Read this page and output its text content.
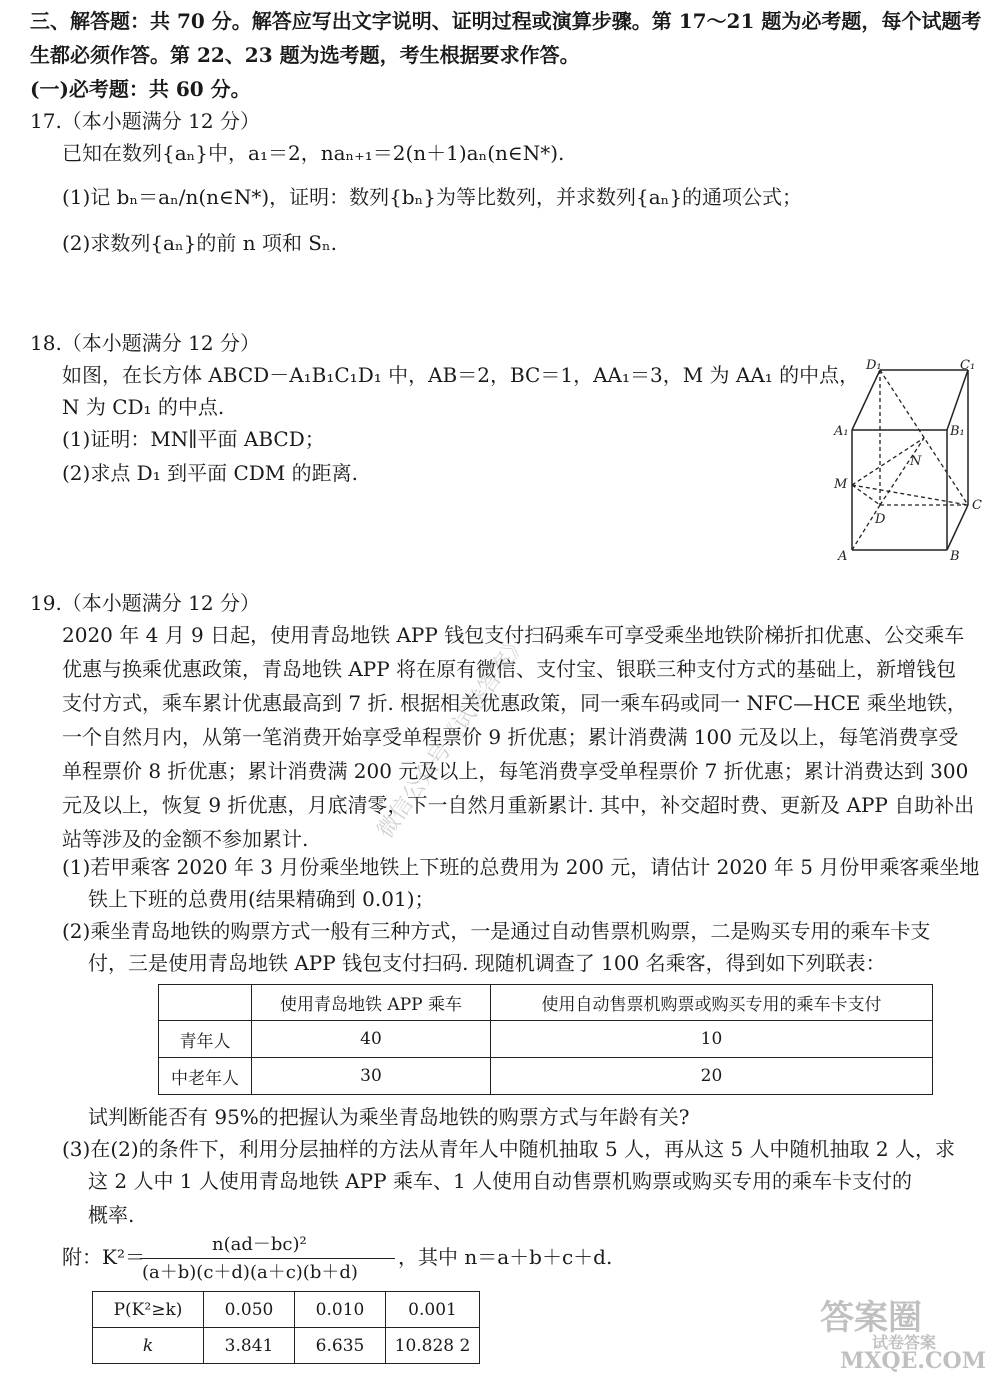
三、解答题：共 70 分。解答应写出文字说明、证明过程或演算步骤。第 17～21 题为必考题，每个试题考
生都必须作答。第 22、23 题为选考题，考生根据要求作答。
(一)必考题：共 60 分。
17.（本小题满分 12 分）
已知在数列{aₙ}中，a₁＝2，naₙ₊₁＝2(n＋1)aₙ(n∈N*).
(1)记 bₙ＝aₙ/n(n∈N*)，证明：数列{bₙ}为等比数列，并求数列{aₙ}的通项公式；
(2)求数列{aₙ}的前 n 项和 Sₙ.
18.（本小题满分 12 分）
如图，在长方体 ABCD－A₁B₁C₁D₁ 中，AB＝2，BC＝1，AA₁＝3，M 为 AA₁ 的中点，
N 为 CD₁ 的中点.
(1)证明：MN∥平面 ABCD；
(2)求点 D₁ 到平面 CDM 的距离.
D₁	C₁
A₁	B₁
N
M
D
C
A	B
19.（本小题满分 12 分）
2020 年 4 月 9 日起，使用青岛地铁 APP 钱包支付扫码乘车可享受乘坐地铁阶梯折扣优惠、公交乘车
优惠与换乘优惠政策，青岛地铁 APP 将在原有微信、支付宝、银联三种支付方式的基础上，新增钱包
支付方式，乘车累计优惠最高到 7 折. 根据相关优惠政策，同一乘车码或同一 NFC—HCE 乘坐地铁，
一个自然月内，从第一笔消费开始享受单程票价 9 折优惠；累计消费满 100 元及以上，每笔消费享受
单程票价 8 折优惠；累计消费满 200 元及以上，每笔消费享受单程票价 7 折优惠；累计消费达到 300
元及以上，恢复 9 折优惠，月底清零，下一自然月重新累计. 其中，补交超时费、更新及 APP 自助补出
站等涉及的金额不参加累计.
(1)若甲乘客 2020 年 3 月份乘坐地铁上下班的总费用为 200 元，请估计 2020 年 5 月份甲乘客乘坐地
铁上下班的总费用(结果精确到 0.01)；
(2)乘坐青岛地铁的购票方式一般有三种方式，一是通过自动售票机购票，二是购买专用的乘车卡支
付，三是使用青岛地铁 APP 钱包支付扫码. 现随机调查了 100 名乘客，得到如下列联表：
	使用青岛地铁 APP 乘车	使用自动售票机购票或购买专用的乘车卡支付
青年人	40	10
中老年人	30	20
试判断能否有 95%的把握认为乘坐青岛地铁的购票方式与年龄有关?
(3)在(2)的条件下，利用分层抽样的方法从青年人中随机抽取 5 人，再从这 5 人中随机抽取 2 人，求
这 2 人中 1 人使用青岛地铁 APP 乘车、1 人使用自动售票机购票或购买专用的乘车卡支付的
概率.
附：K²＝
n(ad－bc)²
(a＋b)(c＋d)(a＋c)(b＋d)
，其中 n＝a＋b＋c＋d.
P(K²≥k)	0.050	0.010	0.001
k	3.841	6.635	10.828 2
微信公众号《试卷答案》
答案圈
试卷答案
MXQE.COM
